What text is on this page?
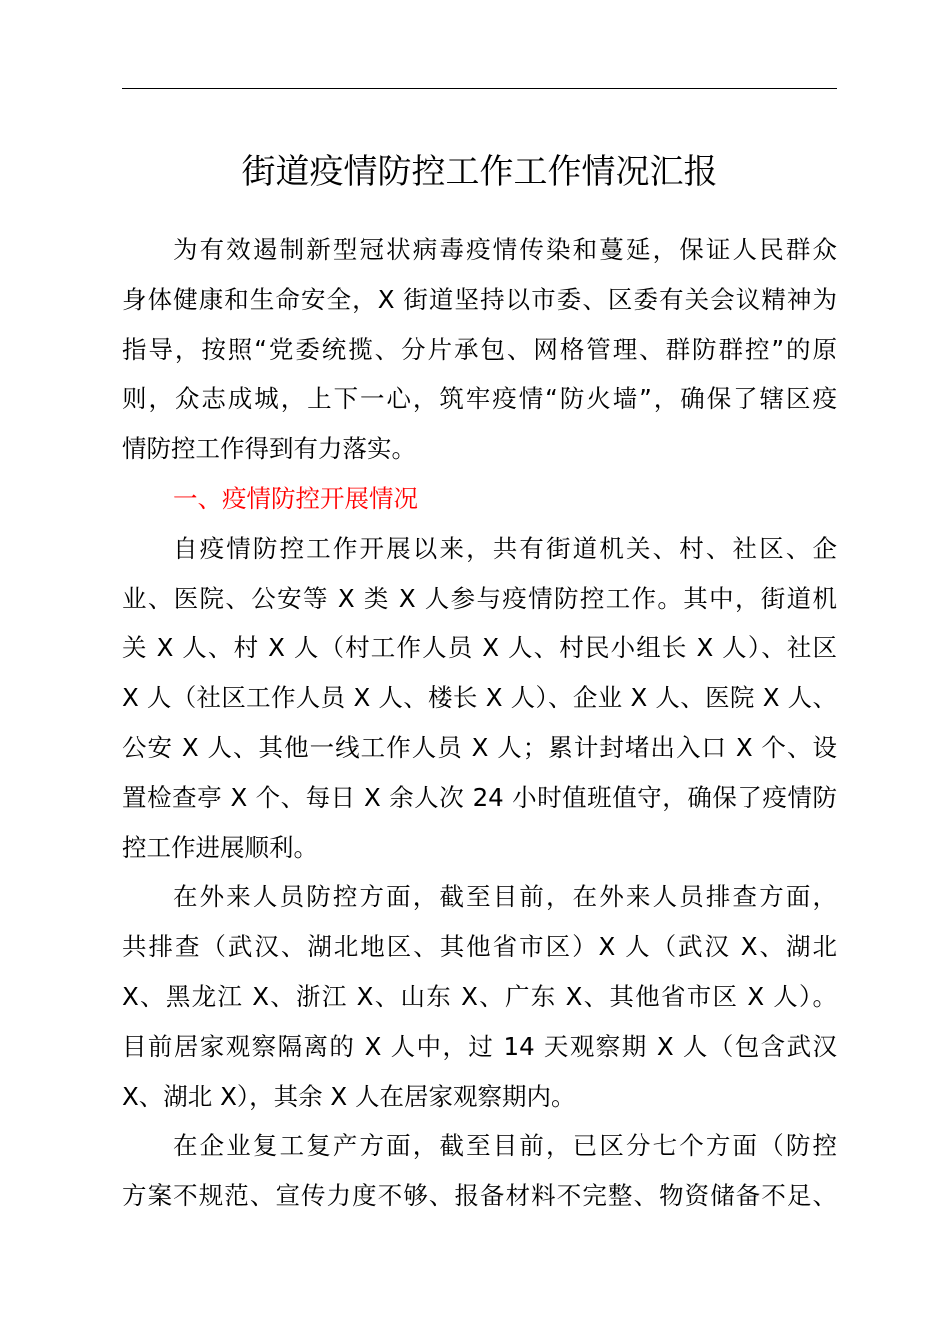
街道疫情防控工作工作情况汇报
为有效遏制新型冠状病毒疫情传染和蔓延，保证人民群众
身体健康和生命安全，X 街道坚持以市委、区委有关会议精神为
指导，按照“党委统揽、分片承包、网格管理、群防群控”的原
则，众志成城，上下一心，筑牢疫情“防火墙”，确保了辖区疫
情防控工作得到有力落实。
一、疫情防控开展情况
自疫情防控工作开展以来，共有街道机关、村、社区、企
业、医院、公安等 X 类 X 人参与疫情防控工作。其中，街道机
关 X 人、村 X 人（村工作人员 X 人、村民小组长 X 人）、社区
X 人（社区工作人员 X 人、楼长 X 人）、企业 X 人、医院 X 人、
公安 X 人、其他一线工作人员 X 人；累计封堵出入口 X 个、设
置检查亭 X 个、每日 X 余人次 24 小时值班值守，确保了疫情防
控工作进展顺利。
在外来人员防控方面，截至目前，在外来人员排查方面，
共排查（武汉、湖北地区、其他省市区）X 人（武汉 X、湖北
X、黑龙江 X、浙江 X、山东 X、广东 X、其他省市区 X 人）。
目前居家观察隔离的 X 人中，过 14 天观察期 X 人（包含武汉
X、湖北 X），其余 X 人在居家观察期内。
在企业复工复产方面，截至目前，已区分七个方面（防控
方案不规范、宣传力度不够、报备材料不完整、物资储备不足、
